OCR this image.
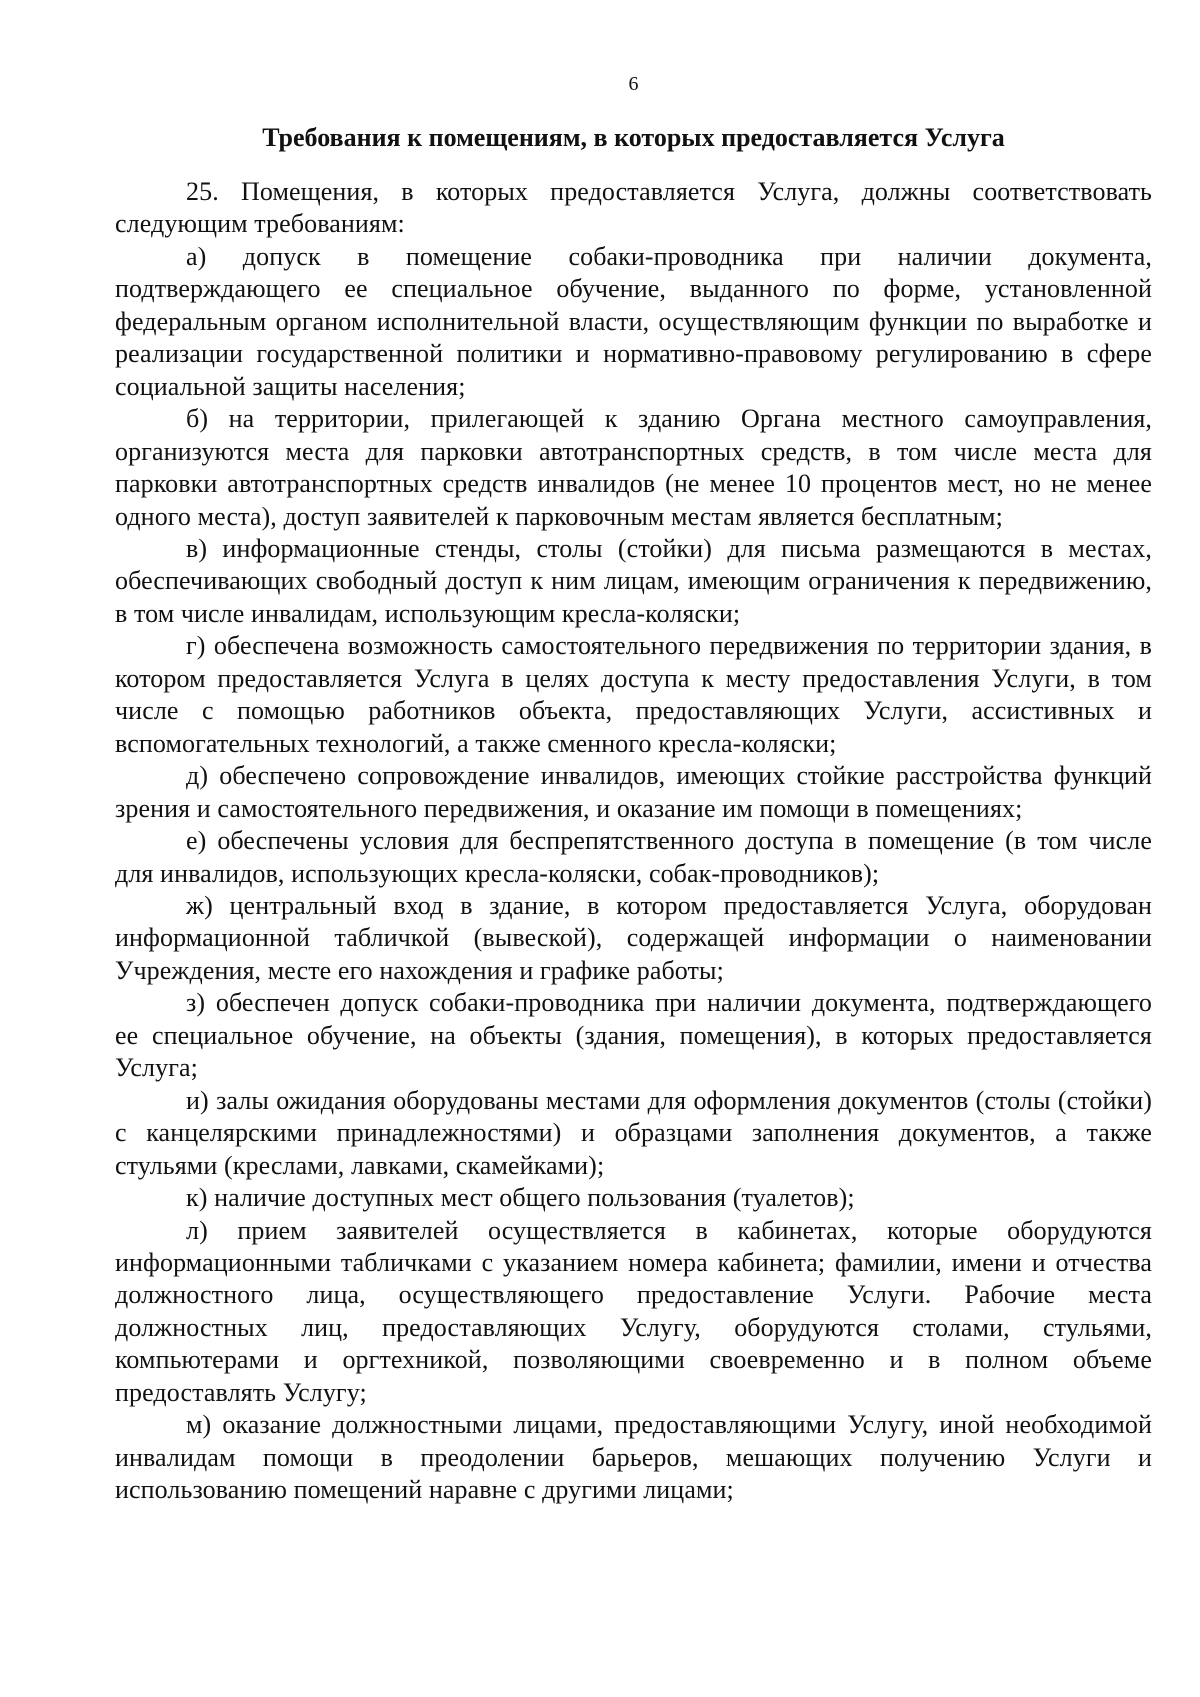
6
Требования к помещениям, в которых предоставляется Услуга

25. Помещения, в которых предоставляется Услуга, должны соответствовать следующим требованиям:

а) допуск в помещение собаки-проводника при наличии документа, подтверждающего ее специальное обучение, выданного по форме, установленной федеральным органом исполнительной власти, осуществляющим функции по выработке и реализации государственной политики и нормативно-правовому регулированию в сфере социальной защиты населения;

б) на территории, прилегающей к зданию Органа местного самоуправления, организуются места для парковки автотранспортных средств, в том числе места для парковки автотранспортных средств инвалидов (не менее 10 процентов мест, но не менее одного места), доступ заявителей к парковочным местам является бесплатным;

в) информационные стенды, столы (стойки) для письма размещаются в местах, обеспечивающих свободный доступ к ним лицам, имеющим ограничения к передвижению, в том числе инвалидам, использующим кресла-коляски;

г) обеспечена возможность самостоятельного передвижения по территории здания, в котором предоставляется Услуга в целях доступа к месту предоставления Услуги, в том числе с помощью работников объекта, предоставляющих Услуги, ассистивных и вспомогательных технологий, а также сменного кресла-коляски;

д) обеспечено сопровождение инвалидов, имеющих стойкие расстройства функций зрения и самостоятельного передвижения, и оказание им помощи в помещениях;

е) обеспечены условия для беспрепятственного доступа в помещение (в том числе для инвалидов, использующих кресла-коляски, собак-проводников);

ж) центральный вход в здание, в котором предоставляется Услуга, оборудован информационной табличкой (вывеской), содержащей информации о наименовании Учреждения, месте его нахождения и графике работы;

з) обеспечен допуск собаки-проводника при наличии документа, подтверждающего ее специальное обучение, на объекты (здания, помещения), в которых предоставляется Услуга;

и) залы ожидания оборудованы местами для оформления документов (столы (стойки) с канцелярскими принадлежностями) и образцами заполнения документов, а также стульями (креслами, лавками, скамейками);

к) наличие доступных мест общего пользования (туалетов);

л) прием заявителей осуществляется в кабинетах, которые оборудуются информационными табличками с указанием номера кабинета; фамилии, имени и отчества должностного лица, осуществляющего предоставление Услуги. Рабочие места должностных лиц, предоставляющих Услугу, оборудуются столами, стульями, компьютерами и оргтехникой, позволяющими своевременно и в полном объеме предоставлять Услугу;

м) оказание должностными лицами, предоставляющими Услугу, иной необходимой инвалидам помощи в преодолении барьеров, мешающих получению Услуги и использованию помещений наравне с другими лицами;
